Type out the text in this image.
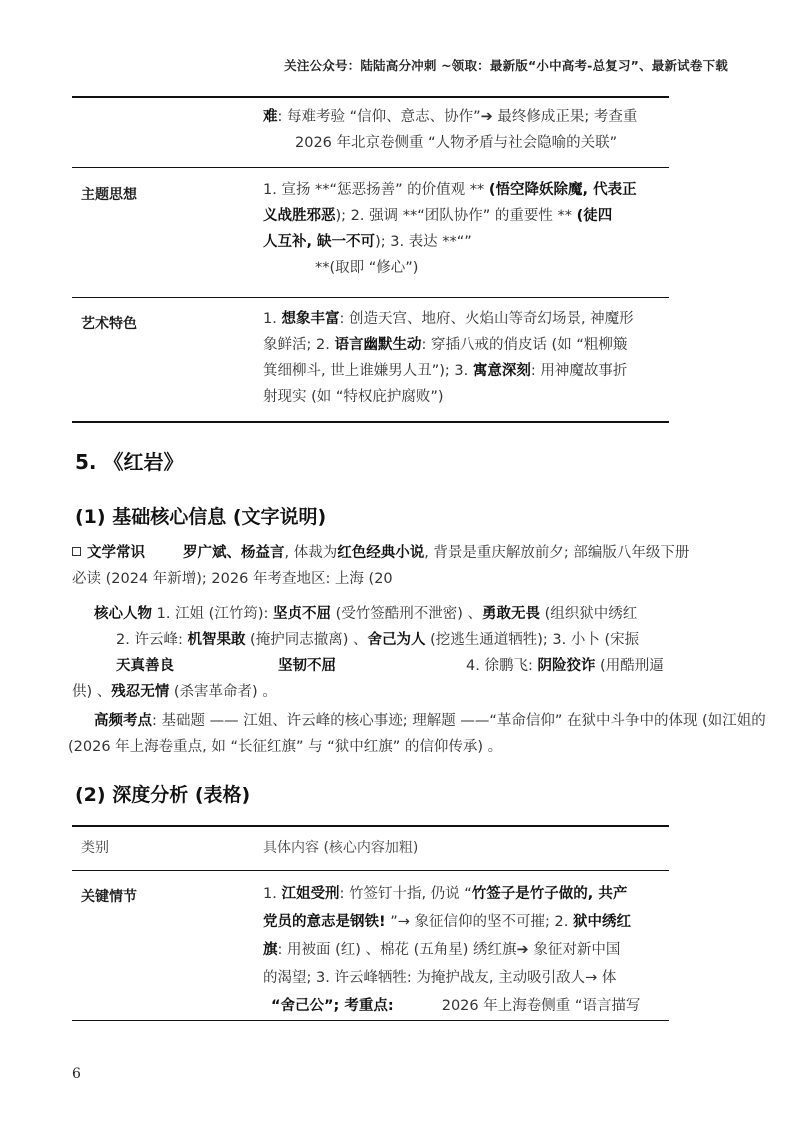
关注公众号：陆陆高分冲刺 ~领取：最新版“小中高考-总复习”、最新试卷下载
难: 每难考验 “信仰、意志、协作”➔ 最终修成正果; 考查重
2026 年北京卷侧重 “人物矛盾与社会隐喻的关联”
主题思想	1. 宣扬 **“惩恶扬善” 的价值观 ** (悟空降妖除魔, 代表正
义战胜邪恶); 2. 强调 **“团队协作” 的重要性 ** (徒四
人互补, 缺一不可); 3. 表达 **“”
**(取即 “修心”)
艺术特色	1. 想象丰富: 创造天宫、地府、火焰山等奇幻场景, 神魔形
象鲜活; 2. 语言幽默生动: 穿插八戒的俏皮话 (如 “粗柳簸
箕细柳斗, 世上谁嫌男人丑”); 3. 寓意深刻: 用神魔故事折
射现实 (如 “特权庇护腐败”)
5. 《红岩》
(1) 基础核心信息 (文字说明)
文学常识	罗广斌、杨益言, 体裁为红色经典小说, 背景是重庆解放前夕; 部编版八年级下册
必读 (2024 年新增); 2026 年考查地区: 上海 (20
核心人物 1. 江姐 (江竹筠): 坚贞不屈 (受竹签酷刑不泄密) 、勇敢无畏 (组织狱中绣红
2. 许云峰: 机智果敢 (掩护同志撤离) 、舍己为人 (挖逃生通道牺牲); 3. 小卜 (宋振
天真善良	坚韧不屈	4. 徐鹏飞: 阴险狡诈 (用酷刑逼

供) 、残忍无情 (杀害革命者) 。
高频考点: 基础题 —— 江姐、许云峰的核心事迹; 理解题 ——“革命信仰” 在狱中斗争中的体现 (如江姐的
(2026 年上海卷重点, 如 “长征红旗” 与 “狱中红旗” 的信仰传承) 。
(2) 深度分析 (表格)
类别	具体内容 (核心内容加粗)
关键情节	1. 江姐受刑: 竹签钉十指, 仍说 “竹签子是竹子做的, 共产
党员的意志是钢铁! ”→ 象征信仰的坚不可摧; 2. 狱中绣红
旗: 用被面 (红) 、棉花 (五角星) 绣红旗➔ 象征对新中国
的渴望; 3. 许云峰牺牲: 为掩护战友, 主动吸引敌人→ 体
“舍己公”; 考重点:	2026 年上海卷侧重 “语言描写
6
